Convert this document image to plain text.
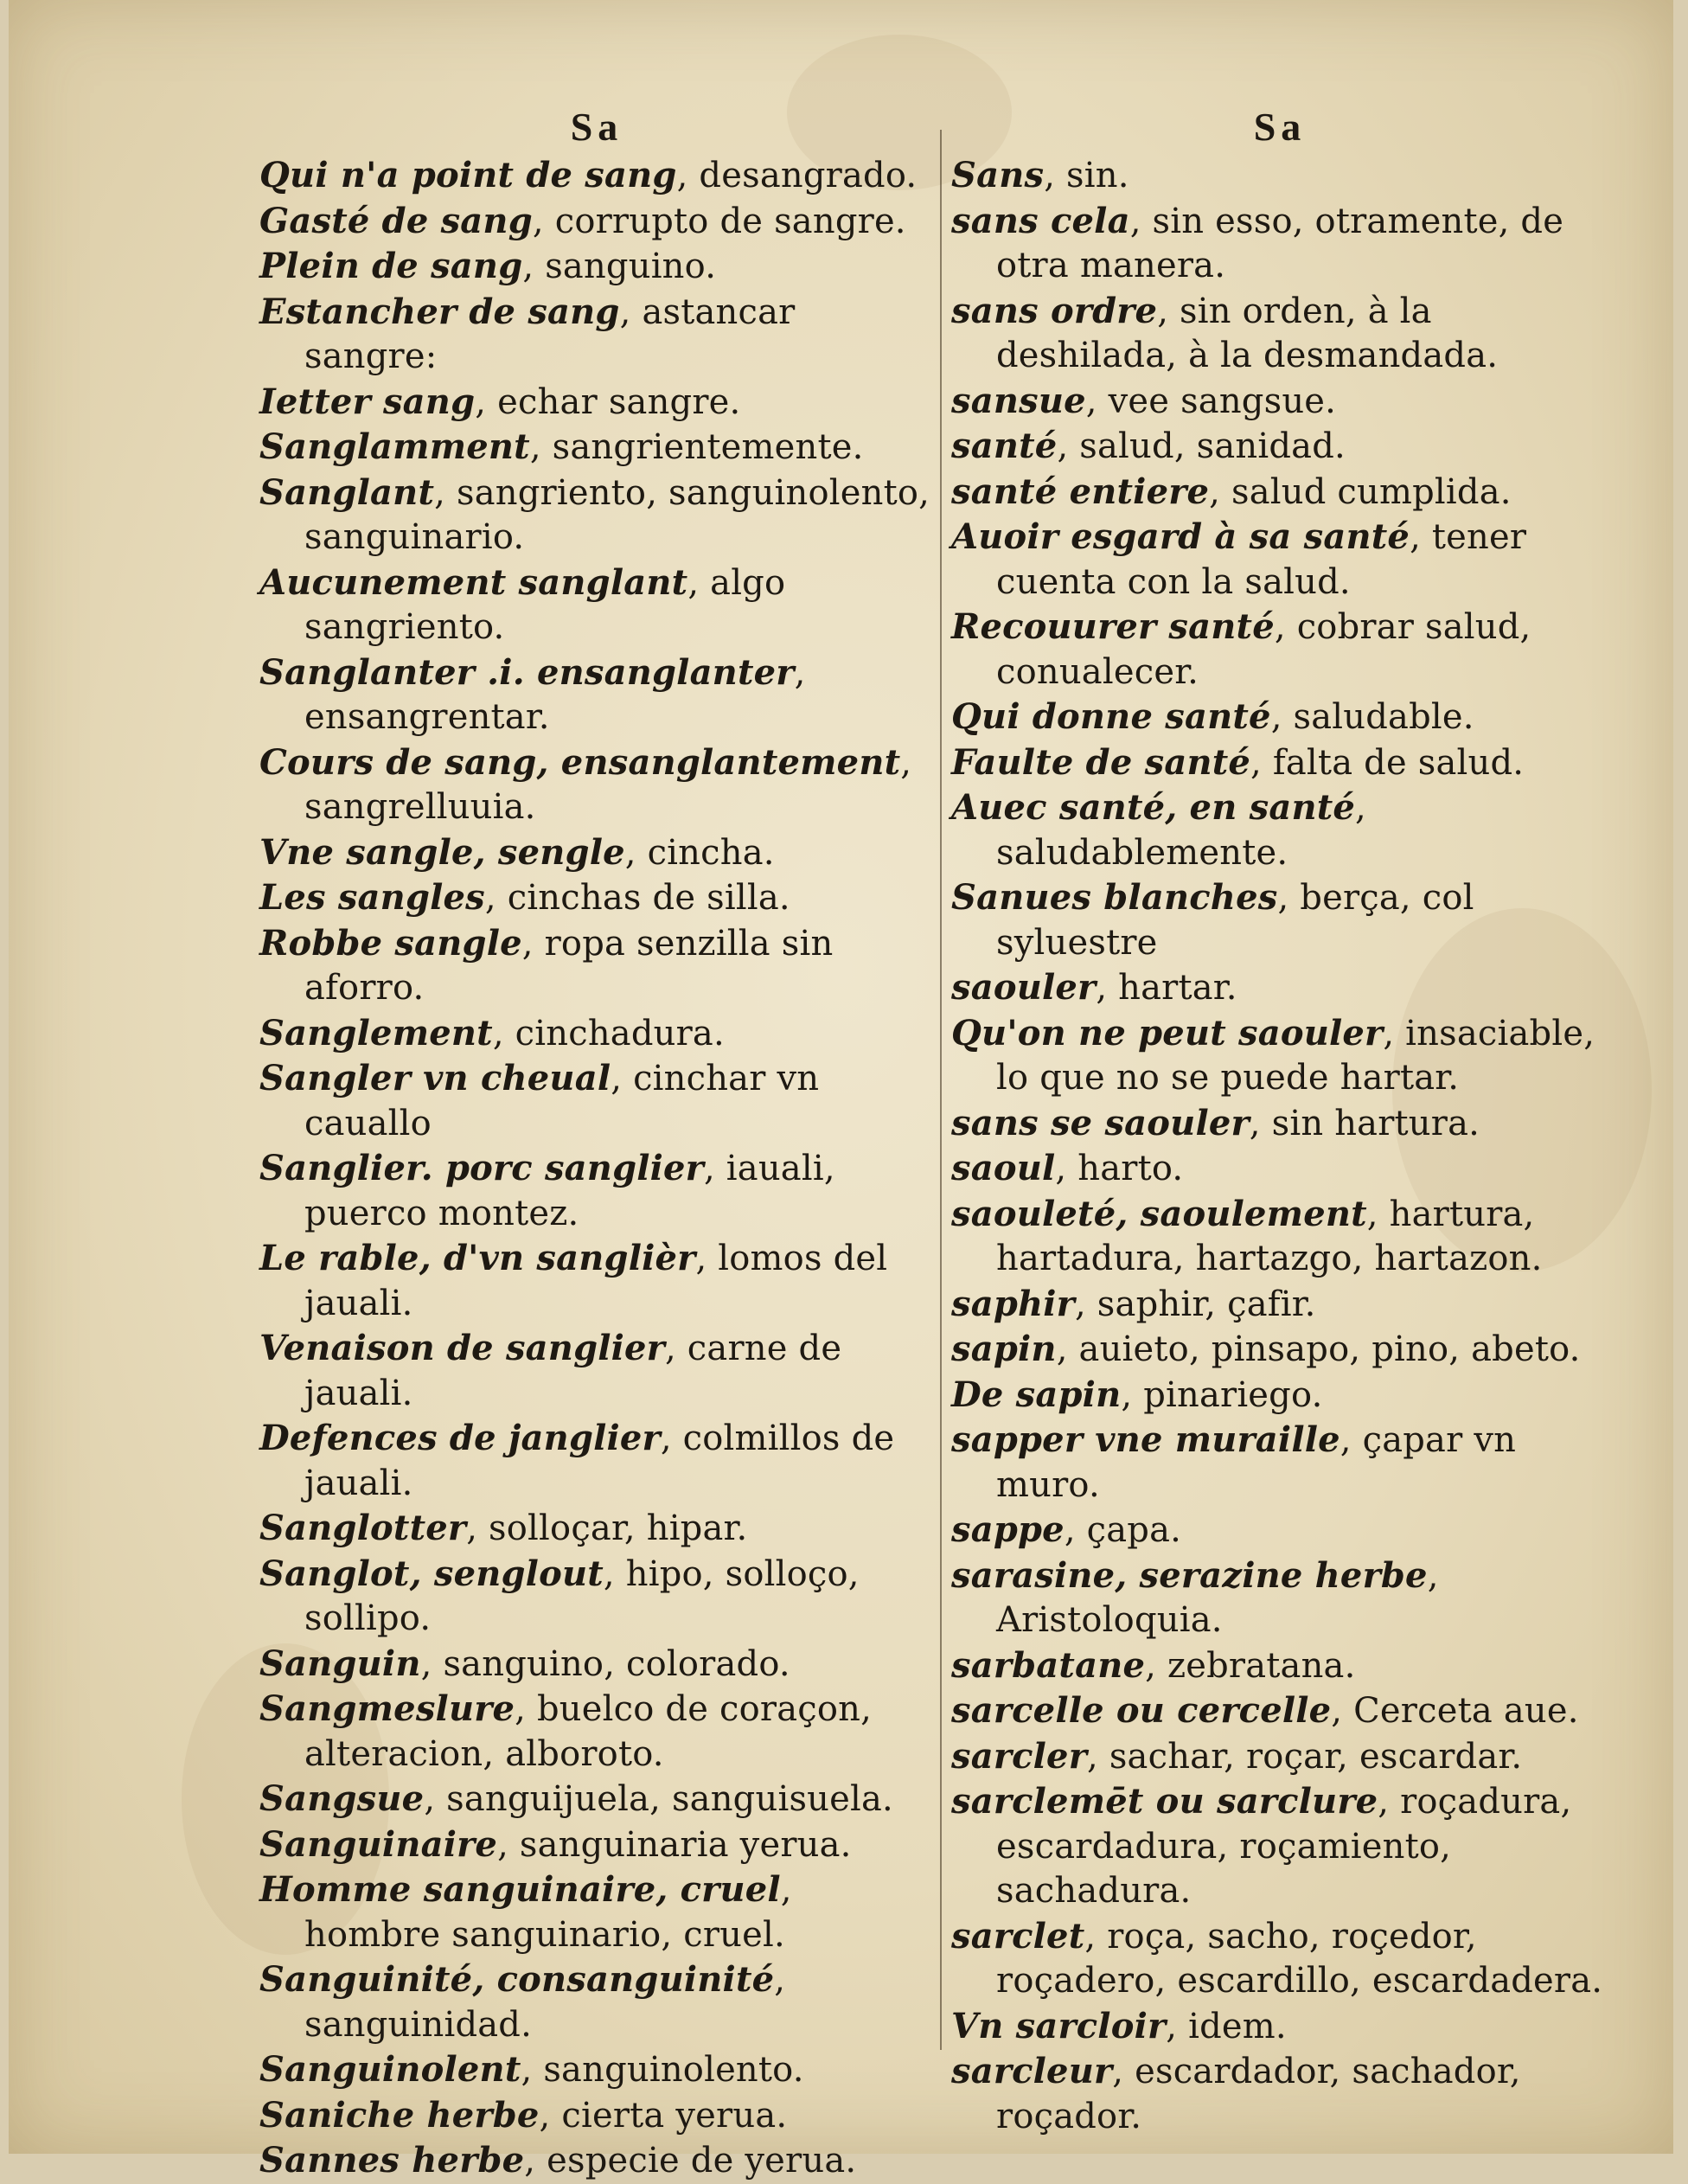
Sa
Qui n'a point de sang, desangrado.
Gasté de sang, corrupto de sangre.
Plein de sang, sanguino.
Estancher de sang, astancar sangre:
Ietter sang, echar sangre.
Sanglamment, sangrientemente.
Sanglant, sangriento, sanguinolento, sanguinario.
Aucunement sanglant, algo sangriento.
Sanglanter .i. ensanglanter, ensangrentar.
Cours de sang, ensanglantement, sangrelluuia.
Vne sangle, sengle, cincha.
Les sangles, cinchas de silla.
Robbe sangle, ropa senzilla sin aforro.
Sanglement, cinchadura.
Sangler vn cheual, cinchar vn cauallo
Sanglier. porc sanglier, iauali, puerco montez.
Le rable, d'vn sanglièr, lomos del jauali.
Venaison de sanglier, carne de jauali.
Defences de janglier, colmillos de jauali.
Sanglotter, solloçar, hipar.
Sanglot, senglout, hipo, solloço, sollipo.
Sanguin, sanguino, colorado.
Sangmeslure, buelco de coraçon, alteracion, alboroto.
Sangsue, sanguijuela, sanguisuela.
Sanguinaire, sanguinaria yerua.
Homme sanguinaire, cruel, hombre sanguinario, cruel.
Sanguinité, consanguinité, sanguinidad.
Sanguinolent, sanguinolento.
Saniche herbe, cierta yerua.
Sannes herbe, especie de yerua.
Sa
Sans, sin.
sans cela, sin esso, otramente, de otra manera.
sans ordre, sin orden, à la deshilada, à la desmandada.
sansue, vee sangsue.
santé, salud, sanidad.
santé entiere, salud cumplida.
Auoir esgard à sa santé, tener cuenta con la salud.
Recouurer santé, cobrar salud, conualecer.
Qui donne santé, saludable.
Faulte de santé, falta de salud.
Auec santé, en santé, saludablemente.
Sanues blanches, berça, col syluestre
saouler, hartar.
Qu'on ne peut saouler, insaciable, lo que no se puede hartar.
sans se saouler, sin hartura.
saoul, harto.
saouleté, saoulement, hartura, hartadura, hartazgo, hartazon.
saphir, saphir, çafir.
sapin, auieto, pinsapo, pino, abeto.
De sapin, pinariego.
sapper vne muraille, çapar vn muro.
sappe, çapa.
sarasine, serazine herbe, Aristoloquia.
sarbatane, zebratana.
sarcelle ou cercelle, Cerceta aue.
sarcler, sachar, roçar, escardar.
sarclemēt ou sarclure, roçadura, escardadura, roçamiento, sachadura.
sarclet, roça, sacho, roçedor, roçadero, escardillo, escardadera.
Vn sarcloir, idem.
sarcleur, escardador, sachador, roçador.
